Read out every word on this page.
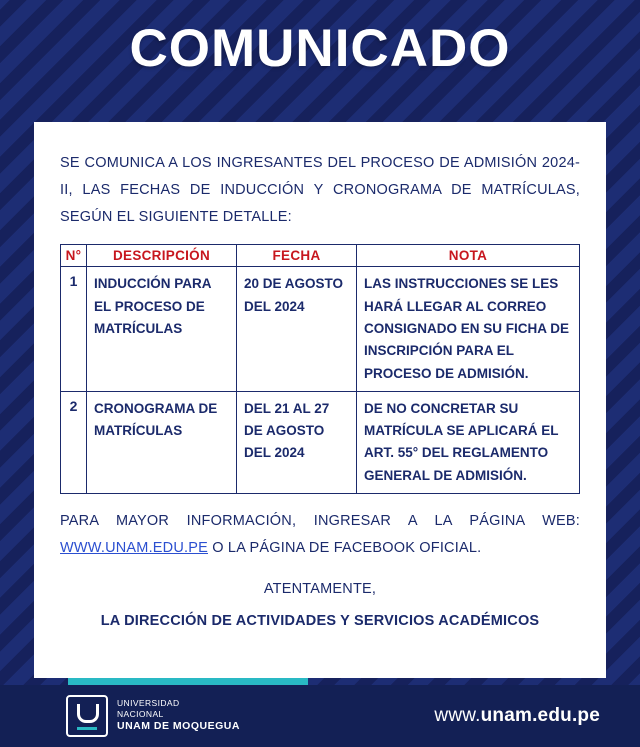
COMUNICADO

SE COMUNICA A LOS INGRESANTES DEL PROCESO DE ADMISIÓN 2024-II, LAS FECHAS DE INDUCCIÓN Y CRONOGRAMA DE MATRÍCULAS, SEGÚN EL SIGUIENTE DETALLE:

N°	DESCRIPCIÓN	FECHA	NOTA
1	INDUCCIÓN PARA EL PROCESO DE MATRÍCULAS	20 DE AGOSTO DEL 2024	LAS INSTRUCCIONES SE LES HARÁ LLEGAR AL CORREO CONSIGNADO EN SU FICHA DE INSCRIPCIÓN PARA EL PROCESO DE ADMISIÓN.
2	CRONOGRAMA DE MATRÍCULAS	DEL 21 AL 27 DE AGOSTO DEL 2024	DE NO CONCRETAR SU MATRÍCULA SE APLICARÁ EL ART. 55° DEL REGLAMENTO GENERAL DE ADMISIÓN.

PARA MAYOR INFORMACIÓN, INGRESAR A LA PÁGINA WEB: WWW.UNAM.EDU.PE O LA PÁGINA DE FACEBOOK OFICIAL.

ATENTAMENTE,
LA DIRECCIÓN DE ACTIVIDADES Y SERVICIOS ACADÉMICOS
UNIVERSIDAD
NACIONAL
UNAM DE MOQUEGUA
www.unam.edu.pe
